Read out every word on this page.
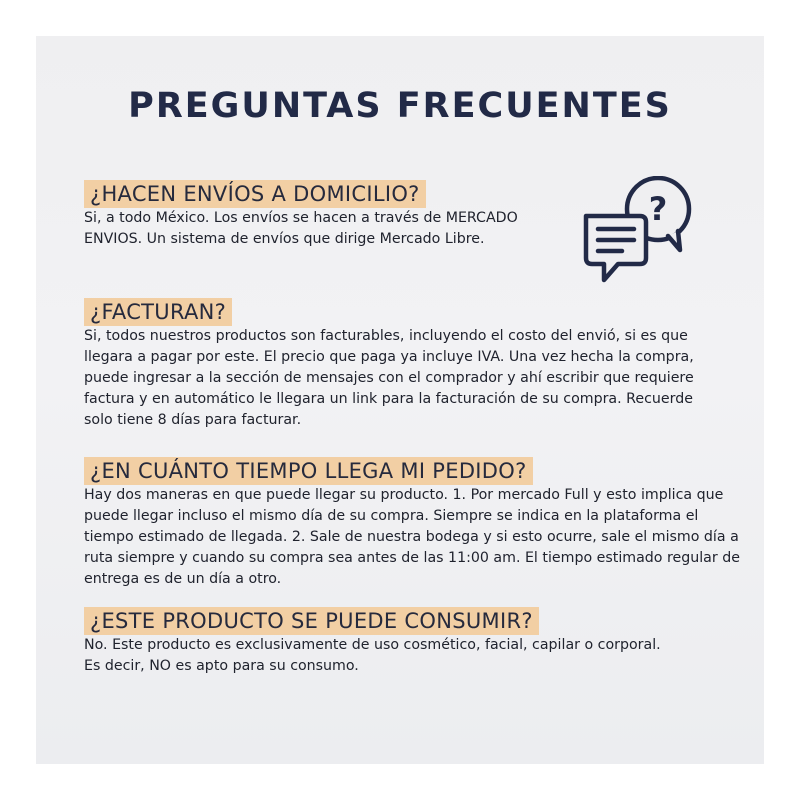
PREGUNTAS FRECUENTES
¿HACEN ENVÍOS A DOMICILIO?

Si, a todo México. Los envíos se hacen a través de MERCADO
ENVIOS. Un sistema de envíos que dirige Mercado Libre.

?
¿FACTURAN?

Si, todos nuestros productos son facturables, incluyendo el costo del envió, si es que
llegara a pagar por este. El precio que paga ya incluye IVA. Una vez hecha la compra,
puede ingresar a la sección de mensajes con el comprador y ahí escribir que requiere
factura y en automático le llegara un link para la facturación de su compra. Recuerde
solo tiene 8 días para facturar.

¿EN CUÁNTO TIEMPO LLEGA MI PEDIDO?

Hay dos maneras en que puede llegar su producto. 1. Por mercado Full y esto implica que
puede llegar incluso el mismo día de su compra. Siempre se indica en la plataforma el
tiempo estimado de llegada. 2. Sale de nuestra bodega y si esto ocurre, sale el mismo día a
ruta siempre y cuando su compra sea antes de las 11:00 am. El tiempo estimado regular de
entrega es de un día a otro.

¿ESTE PRODUCTO SE PUEDE CONSUMIR?

No. Este producto es exclusivamente de uso cosmético, facial, capilar o corporal.
Es decir, NO es apto para su consumo.
